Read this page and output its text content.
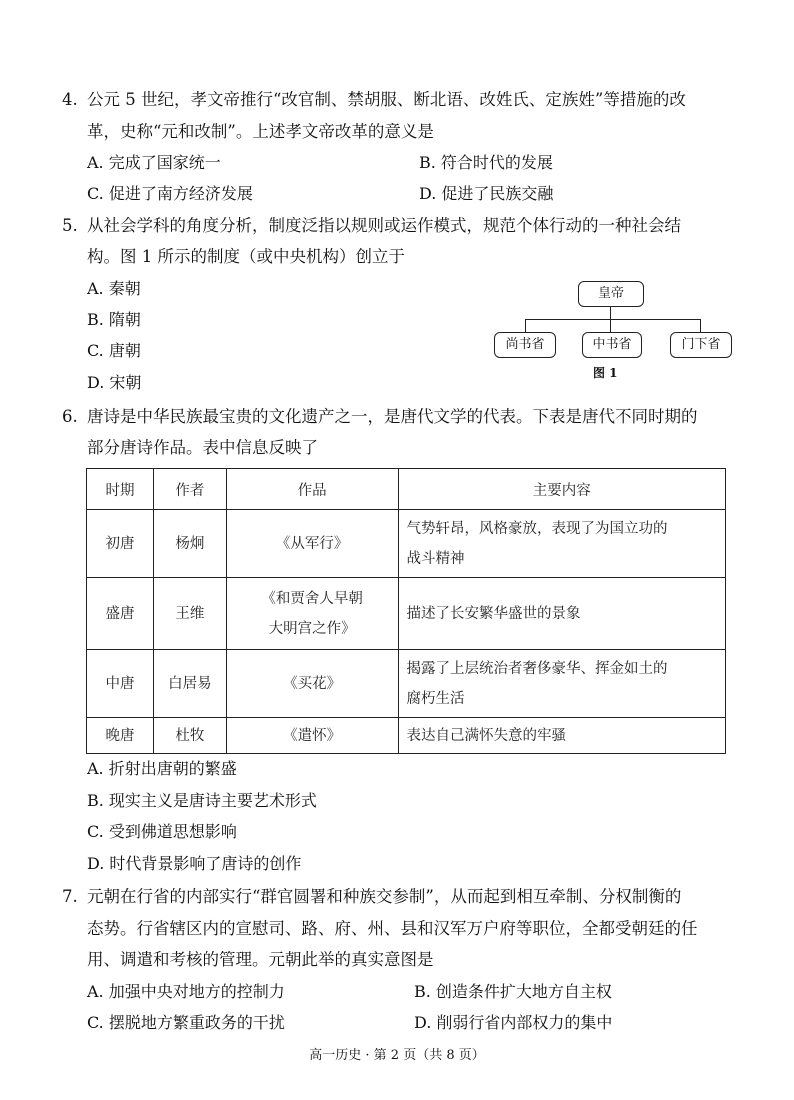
4. 公元 5 世纪，孝文帝推行“改官制、禁胡服、断北语、改姓氏、定族姓”等措施的改
革，史称“元和改制”。上述孝文帝改革的意义是
A. 完成了国家统一	B. 符合时代的发展
C. 促进了南方经济发展	D. 促进了民族交融
5. 从社会学科的角度分析，制度泛指以规则或运作模式，规范个体行动的一种社会结
构。图 1 所示的制度（或中央机构）创立于
A. 秦朝
B. 隋朝
C. 唐朝
D. 宋朝
皇帝
尚书省	中书省	门下省
图 1
6. 唐诗是中华民族最宝贵的文化遗产之一，是唐代文学的代表。下表是唐代不同时期的
部分唐诗作品。表中信息反映了
时期	作者	作品	主要内容
初唐	杨炯	《从军行》	气势轩昂，风格豪放，表现了为国立功的
战斗精神

盛唐	王维	《和贾舍人早朝
大明宫之作》	描述了长安繁华盛世的景象
中唐	白居易	《买花》	揭露了上层统治者奢侈豪华、挥金如土的
腐朽生活

晚唐	杜牧	《遣怀》	表达自己满怀失意的牢骚
A. 折射出唐朝的繁盛
B. 现实主义是唐诗主要艺术形式
C. 受到佛道思想影响
D. 时代背景影响了唐诗的创作
7. 元朝在行省的内部实行“群官圆署和种族交参制”，从而起到相互牵制、分权制衡的
态势。行省辖区内的宣慰司、路、府、州、县和汉军万户府等职位，全都受朝廷的任
用、调遣和考核的管理。元朝此举的真实意图是
A. 加强中央对地方的控制力	B. 创造条件扩大地方自主权
C. 摆脱地方繁重政务的干扰	D. 削弱行省内部权力的集中
高一历史 · 第 2 页（共 8 页）
